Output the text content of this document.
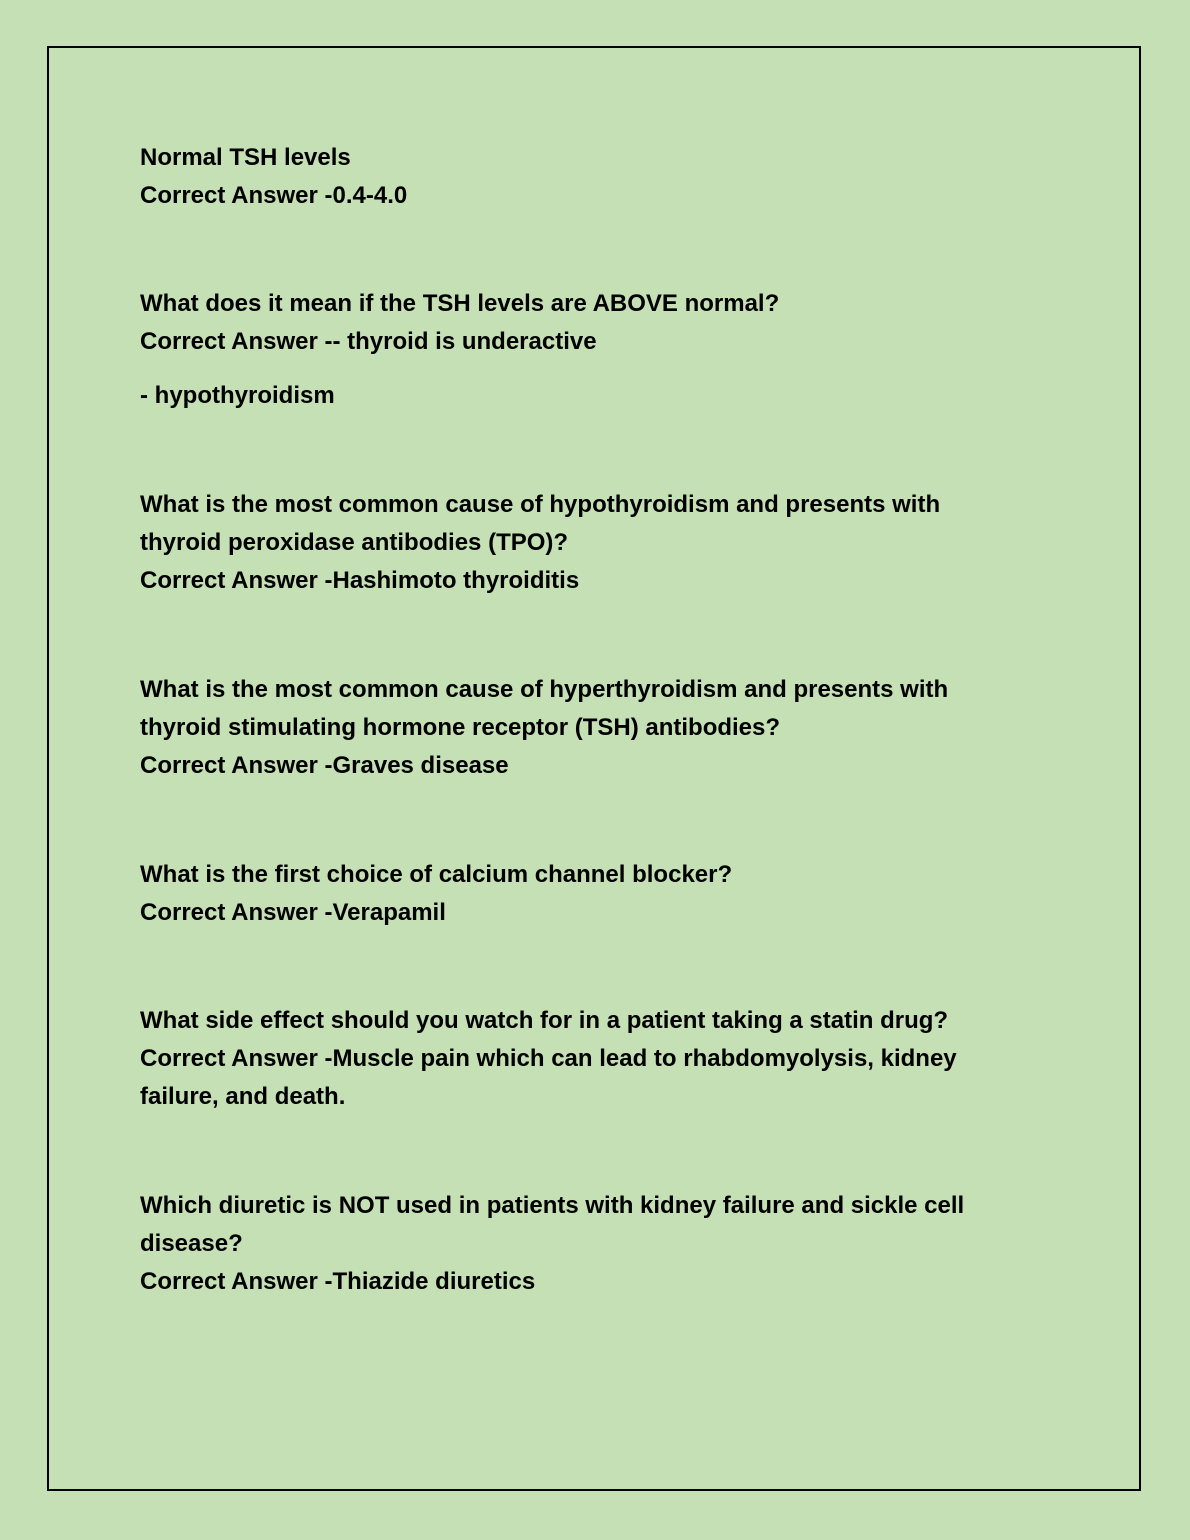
Normal TSH levels

Correct Answer -0.4-4.0

What does it mean if the TSH levels are ABOVE normal?

Correct Answer -- thyroid is underactive

- hypothyroidism

What is the most common cause of hypothyroidism and presents with thyroid peroxidase antibodies (TPO)?

Correct Answer -Hashimoto thyroiditis

What is the most common cause of hyperthyroidism and presents with thyroid stimulating hormone receptor (TSH) antibodies?

Correct Answer -Graves disease

What is the first choice of calcium channel blocker?

Correct Answer -Verapamil

What side effect should you watch for in a patient taking a statin drug?

Correct Answer -Muscle pain which can lead to rhabdomyolysis, kidney failure, and death.

Which diuretic is NOT used in patients with kidney failure and sickle cell disease?

Correct Answer -Thiazide diuretics
